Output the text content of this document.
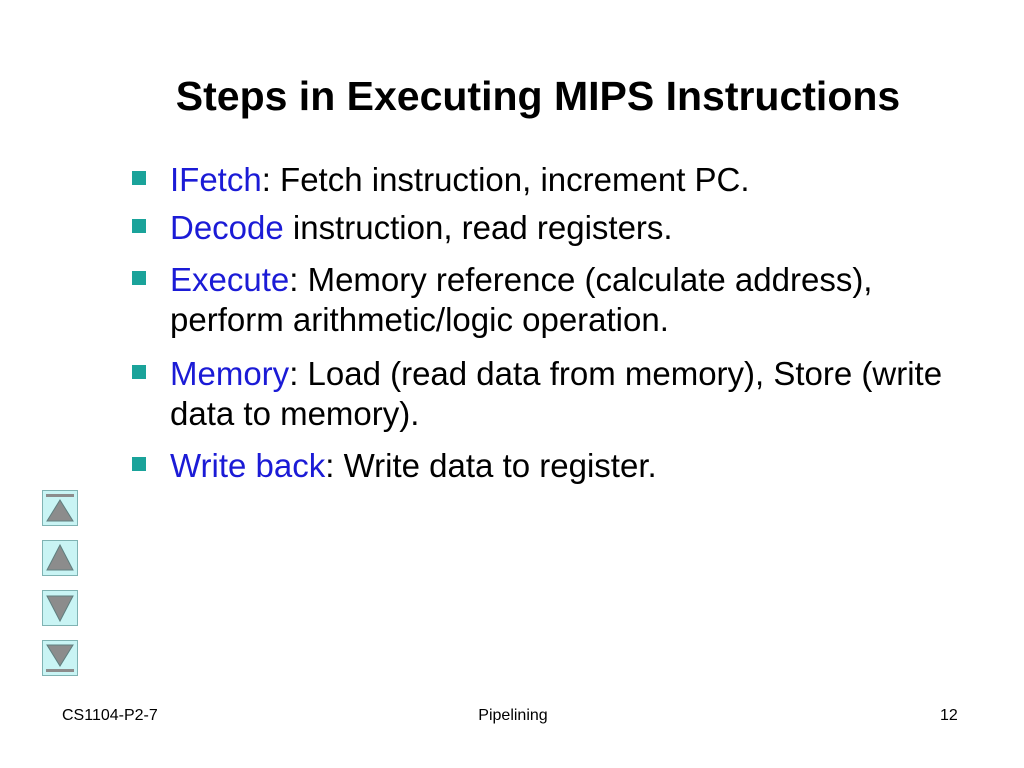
Steps in Executing MIPS Instructions
IFetch: Fetch instruction, increment PC.
Decode instruction, read registers.
Execute: Memory reference (calculate address), perform arithmetic/logic operation.
Memory: Load (read data from memory), Store (write data to memory).
Write back: Write data to register.
CS1104-P2-7	Pipelining	12
